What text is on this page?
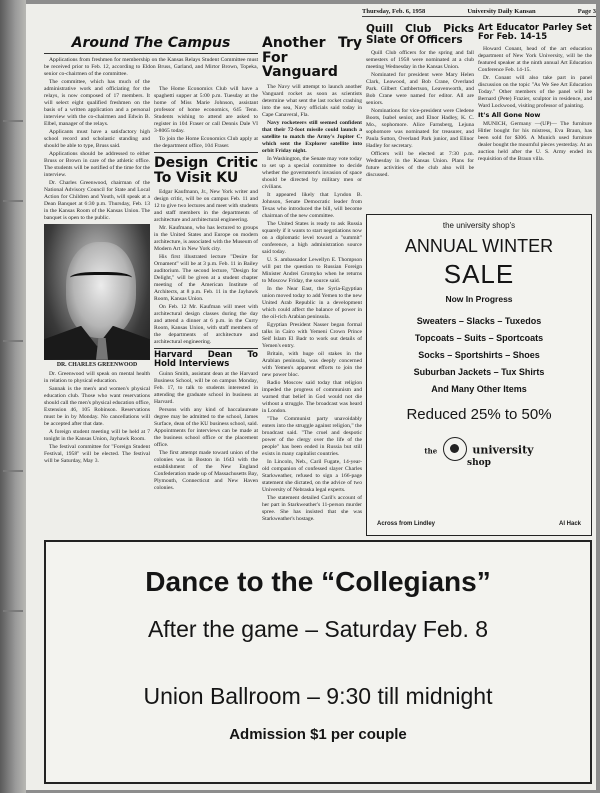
Thursday, Feb. 6, 1958	University Daily Kansan	Page 3
Around The Campus

Applications from freshmen for membership on the Kansas Relays Student Committee must be received prior to Feb. 12, according to Eldon Bruss, Garland, and Mirtor Brown, Topeka, senior co-chairmen of the committee.

The committee, which has much of the administrative work and officiating for the relays, is now composed of 17 members. It will select eight qualified freshmen on the basis of a written application and a personal interview with the co-chairmen and Edwin B. Elbel, manager of the relays.

Applicants must have a satisfactory high school record and scholastic standing and should be able to type, Bruss said.

Applications should be addressed to either Bruss or Brown in care of the athletic office. The students will be notified of the time for the interview.

Dr. Charles Greenwood, chairman of the National Advisory Council for State and Local Action for Children and Youth, will speak at a Dean Banquet at 6:30 p.m. Thursday, Feb. 13 in the Kansas Room of the Kansas Union. The banquet is open to the public.

DR. CHARLES GREENWOOD

Dr. Greenwood will speak on mental health in relation to physical education.

Sannak is the men's and women's physical education club. Those who want reservations should call the men's physical education office, Extension 46, 105 Robinson. Reservations must be in by Monday. No cancellations will be accepted after that date.

A foreign student meeting will be held at 7 tonight in the Kansas Union, Jayhawk Room.

The festival committee for "Foreign Student Festival, 1958" will be elected. The festival will be Saturday, May 3.

The Home Economics Club will have a spaghetti supper at 5:00 p.m. Tuesday at the home of Miss Marie Johnson, assistant professor of home economics, 645 Tenn. Students wishing to attend are asked to register in 104 Fraser or call Dennis Dale VI 3-8065 today.

To join the Home Economics Club apply at the department office, 104 Fraser.

Design Critic To Visit KU

Edgar Kaufmann, Jr., New York writer and design critic, will be on campus Feb. 11 and 12 to give two lectures and meet with students and staff members in the departments of architecture and architectural engineering.

Mr. Kaufmann, who has lectured to groups in the United States and Europe on modern architecture, is associated with the Museum of Modern Art in New York city.

His first illustrated lecture "Desire for Ornament" will be at 3 p.m. Feb. 11 in Bailey auditorium. The second lecture, "Design for Delight," will be given at a student chapter meeting of the American Institute of Architects, at 8 p.m. Feb. 11 in the Jayhawk Room, Kansas Union.

On Feb. 12 Mr. Kaufman will meet with architectural design classes during the day and attend a dinner at 6 p.m. in the Curry Room, Kansas Union, with staff members of the departments of architecture and architectural engineering.

Harvard Dean To Hold Interviews

Guinn Smith, assistant dean at the Harvard Business School, will be on campus Monday, Feb. 17, to talk to students interested in attending the graduate school in business at Harvard.

Persons with any kind of baccalaureate degree may be admitted to the school, James Surface, dean of the KU business school, said. Appointments for interviews can be made at the business school office or the placement office.

The first attempt made toward union of the colonies was in Boston in 1643 with the establishment of the New England Confederation made up of Massachusetts Bay, Plymouth, Connecticut and New Haven colonies.

Another Try For Vanguard

The Navy will attempt to launch another Vanguard rocket as soon as scientists determine what sent the last rocket crashing into the sea, Navy officials said today in Cape Canaveral, Fla.

Navy rocketeers still seemed confident that their 72-foot missile could launch a satellite to match the Army's Jupiter C, which sent the Explorer satellite into orbit Friday night.

In Washington, the Senate may vote today to set up a special committee to decide whether the government's invasion of space should be directed by military men or civilians.

It appeared likely that Lyndon B. Johnson, Senate Democratic leader from Texas who introduced the bill, will become chairman of the new committee.

The United States is ready to ask Russia squarely if it wants to start negotiations now on a diplomatic level toward a "summit" conference, a high administration source said today.

U. S. ambassador Lewellyn E. Thompson will put the question to Russian Foreign Minister Andrei Gromyko when he returns to Moscow Friday, the source said.

In the Near East, the Syria-Egyptian union moved today to add Yemen to the new United Arab Republic in a development which could affect the balance of power in the oil-rich Arabian peninsula.

Egyptian President Nasser began formal talks in Cairo with Yemeni Crown Prince Seif Islam El Badr to work out details of Yemen's entry.

Britain, with huge oil stakes in the Arabian peninsula, was deeply concerned with Yemen's apparent efforts to join the new power bloc.

Radio Moscow said today that religion impeded the progress of communism and warned that belief in God would not die without a struggle. The broadcast was heard in London.

"The Communist party unavoidably enters into the struggle against religion," the broadcast said. "The cruel and despotic power of the clergy over the life of the people" has been ended in Russia but still exists in many capitalist countries.

In Lincoln, Neb., Caril Fugate, 14-year-old companion of confessed slayer Charles Starkweather, refused to sign a 166-page statement she dictated, on the advice of two University of Nebraska legal experts.

The statement detailed Caril's account of her part in Starkweather's 11-person murder spree. She has insisted that she was Starkweather's hostage.

Quill Club Picks Slate Of Officers

Quill Club officers for the spring and fall semesters of 1958 were nominated at a club meeting Wednesday in the Kansas Union.

Nominated for president were Mary Helen Clark, Leawood, and Bob Crane, Overland Park. Gilbert Cuthbertson, Leavenworth, and Bob Crane were named for editor. All are seniors.

Nominations for vice-president were Cledene Boots, Isabel senior, and Elnor Hadley, K. C. Mo., sophomore. Alice Farnsberg, Lejuna sophomore was nominated for treasurer, and Paula Sutton, Overland Park junior, and Elinor Hadley for secretary.

Officers will be elected at 7:30 p.m. Wednesday in the Kansas Union. Plans for future activities of the club also will be discussed.

Art Educator Parley Set For Feb. 14-15

Howard Conant, head of the art education department of New York University, will be the featured speaker at the ninth annual Art Education Conference Feb. 14-15.

Dr. Conant will also take part in panel discussion on the topic "As We See Art Education Today." Other members of the panel will be Bernard (Pete) Frazier, sculptor in residence, and Ward Lockwood, visiting professor of painting.

It's All Gone Now

MUNICH, Germany —(UP)— The furniture Hitler bought for his mistress, Eva Braun, has been sold for $306. A Munich used furniture dealer bought the mournful pieces yesterday. At an auction held after the U. S. Army ended its requisition of the Braun villa.

the university shop's
ANNUAL WINTER
SALE
Now In Progress
Sweaters – Slacks – Tuxedos
Topcoats – Suits – Sportcoats
Socks – Sportshirts – Shoes
Suburban Jackets – Tux Shirts
And Many Other Items
Reduced 25% to 50%
the	university
shop
Across from Lindley	Al Hack
Dance to the “Collegians”
After the game – Saturday Feb. 8
Union Ballroom – 9:30 till midnight
Admission $1 per couple
